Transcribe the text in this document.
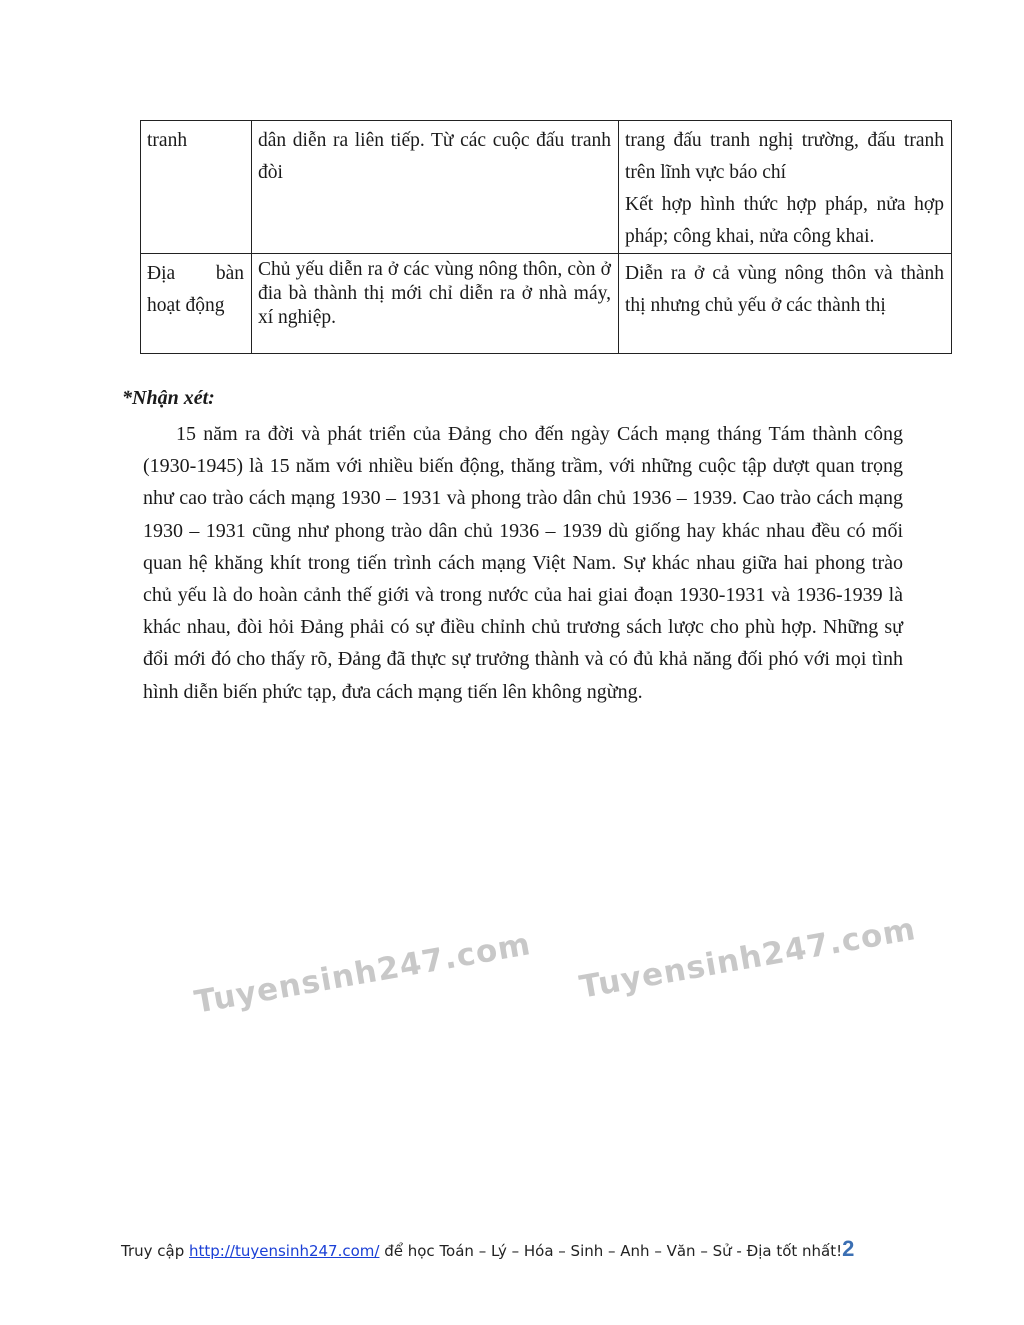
Tuyensinh247.com Tuyensinh247.com
tranh	dân diễn ra liên tiếp. Từ các cuộc đấu tranh đòi	trang đấu tranh nghị trường, đấu tranh trên lĩnh vực báo chí
Kết hợp hình thức hợp pháp, nửa hợp pháp; công khai, nửa công khai.

Địa bàn
hoạt động	Chủ yếu diễn ra ở các vùng nông thôn, còn ở đia bà thành thị mới chỉ diễn ra ở nhà máy, xí nghiệp.	Diễn ra ở cả vùng nông thôn và thành thị nhưng chủ yếu ở các thành thị
*Nhận xét:

15 năm ra đời và phát triển của Đảng cho đến ngày Cách mạng tháng Tám thành công (1930-1945) là 15 năm với nhiều biến động, thăng trầm, với những cuộc tập dượt quan trọng như cao trào cách mạng 1930 – 1931 và phong trào dân chủ 1936 – 1939. Cao trào cách mạng 1930 – 1931 cũng như phong trào dân chủ 1936 – 1939 dù giống hay khác nhau đều có mối quan hệ khăng khít trong tiến trình cách mạng Việt Nam. Sự khác nhau giữa hai phong trào chủ yếu là do hoàn cảnh thế giới và trong nước của hai giai đoạn 1930-1931 và 1936-1939 là khác nhau, đòi hỏi Đảng phải có sự điều chỉnh chủ trương sách lược cho phù hợp. Những sự đổi mới đó cho thấy rõ, Đảng đã thực sự trưởng thành và có đủ khả năng đối phó với mọi tình hình diễn biến phức tạp, đưa cách mạng tiến lên không ngừng.

Truy cập http://tuyensinh247.com/ để học Toán – Lý – Hóa – Sinh – Anh – Văn – Sử - Địa tốt nhất!2
